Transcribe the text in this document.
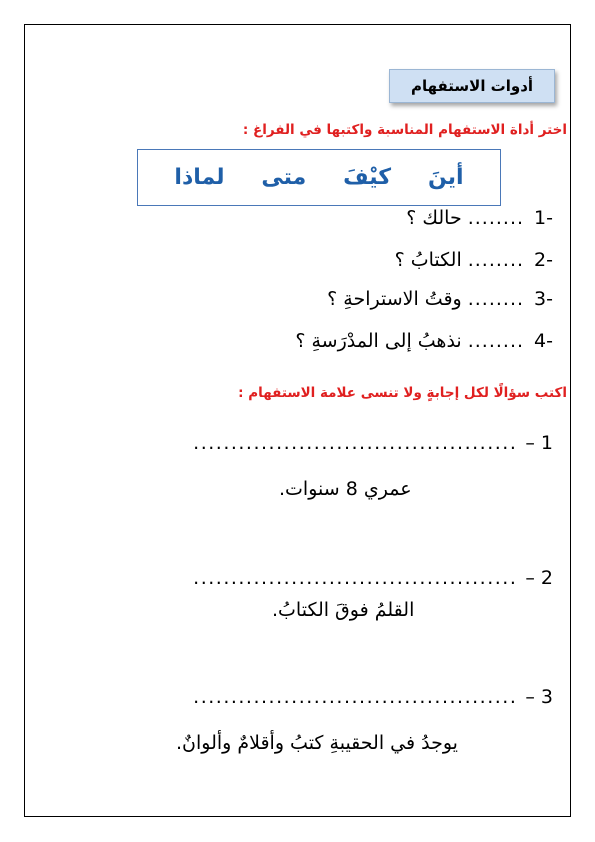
أدوات الاستفهام
اختر أداة الاستفهام المناسبة واكتبها في الفراغ :
أينَ
كيْفَ
متى
لماذا
-1........حالك ؟
-2........الكتابُ ؟
-3........وقتُ الاستراحةِ ؟
-4........نذهبُ إلى المدْرَسةِ ؟
اكتب سؤالًا لكل إجابةٍ ولا تنسى علامة الاستفهام :
1 –...........................................
عمري 8 سنوات.
2 –...........................................
القلمُ فوقَ الكتابُ.
3 –...........................................
يوجدُ في الحقيبةِ كتبُ وأقلامٌ وألوانٌ.
